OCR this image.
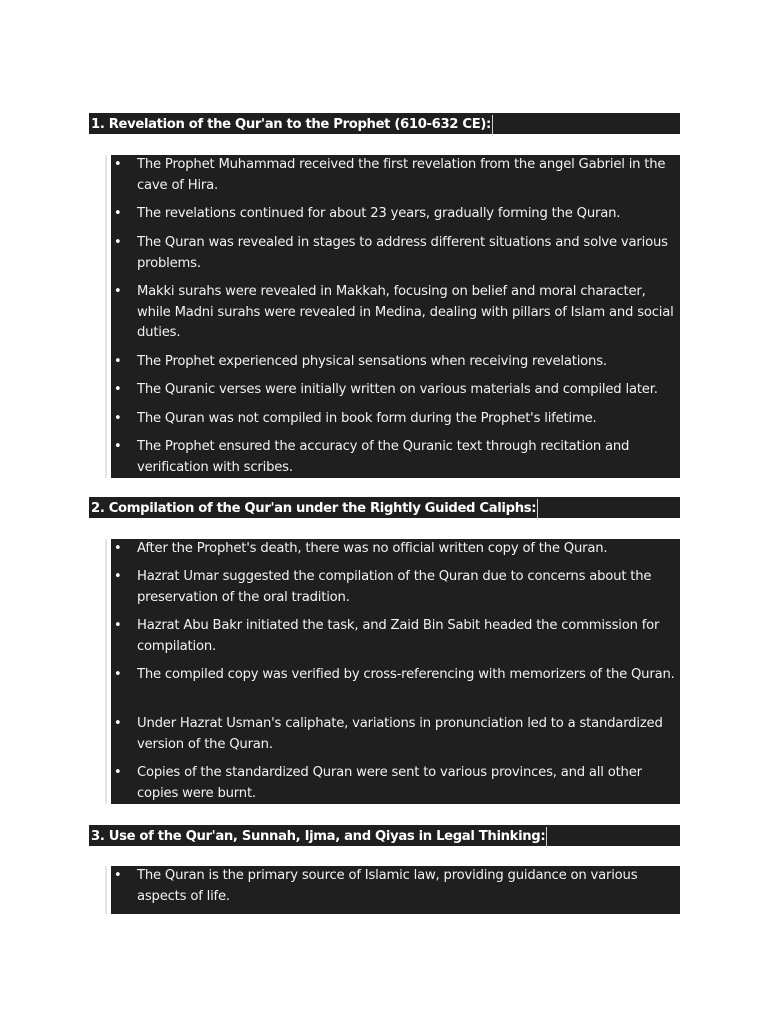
1. Revelation of the Qur'an to the Prophet (610-632 CE):
• The Prophet Muhammad received the first revelation from the angel Gabriel in the cave of Hira.
• The revelations continued for about 23 years, gradually forming the Quran.
• The Quran was revealed in stages to address different situations and solve various problems.
• Makki surahs were revealed in Makkah, focusing on belief and moral character, while Madni surahs were revealed in Medina, dealing with pillars of Islam and social duties.
• The Prophet experienced physical sensations when receiving revelations.
• The Quranic verses were initially written on various materials and compiled later.
• The Quran was not compiled in book form during the Prophet's lifetime.
• The Prophet ensured the accuracy of the Quranic text through recitation and verification with scribes.
2. Compilation of the Qur'an under the Rightly Guided Caliphs:
• After the Prophet's death, there was no official written copy of the Quran.
• Hazrat Umar suggested the compilation of the Quran due to concerns about the preservation of the oral tradition.
• Hazrat Abu Bakr initiated the task, and Zaid Bin Sabit headed the commission for compilation.
• The compiled copy was verified by cross-referencing with memorizers of the Quran.
• Under Hazrat Usman's caliphate, variations in pronunciation led to a standardized version of the Quran.
• Copies of the standardized Quran were sent to various provinces, and all other copies were burnt.
3. Use of the Qur'an, Sunnah, Ijma, and Qiyas in Legal Thinking:
• The Quran is the primary source of Islamic law, providing guidance on various aspects of life.
